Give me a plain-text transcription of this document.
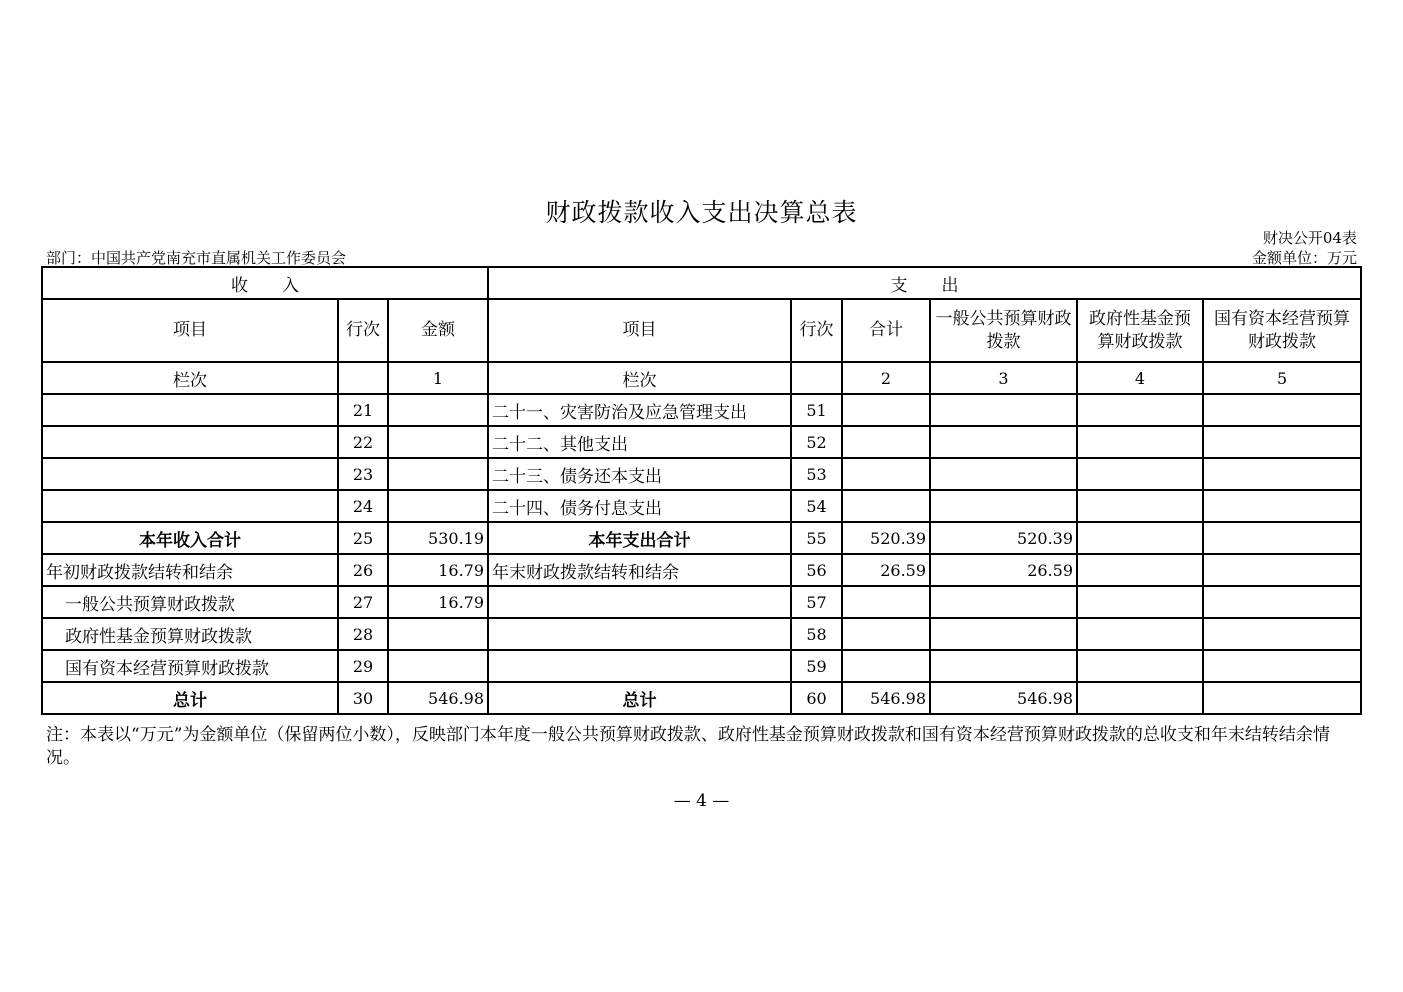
财政拨款收入支出决算总表
财决公开04表
部门：中国共产党南充市直属机关工作委员会	金额单位：万元
收　　入			支　　出					
项目	行次	金额	项目	行次	合计	一般公共预算财政拨款	政府性基金预算财政拨款	国有资本经营预算财政拨款
栏次		1	栏次		2	3	4	5
	21		二十一、灾害防治及应急管理支出	51				
	22		二十二、其他支出	52				
	23		二十三、债务还本支出	53				
	24		二十四、债务付息支出	54				
本年收入合计	25	530.19	本年支出合计	55	520.39	520.39		
年初财政拨款结转和结余	26	16.79	年末财政拨款结转和结余	56	26.59	26.59		
一般公共预算财政拨款	27	16.79		57				
政府性基金预算财政拨款	28			58				
国有资本经营预算财政拨款	29			59				
总计	30	546.98	总计	60	546.98	546.98		
注：本表以“万元”为金额单位（保留两位小数），反映部门本年度一般公共预算财政拨款、政府性基金预算财政拨款和国有资本经营预算财政拨款的总收支和年末结转结余情况。
— 4 —
